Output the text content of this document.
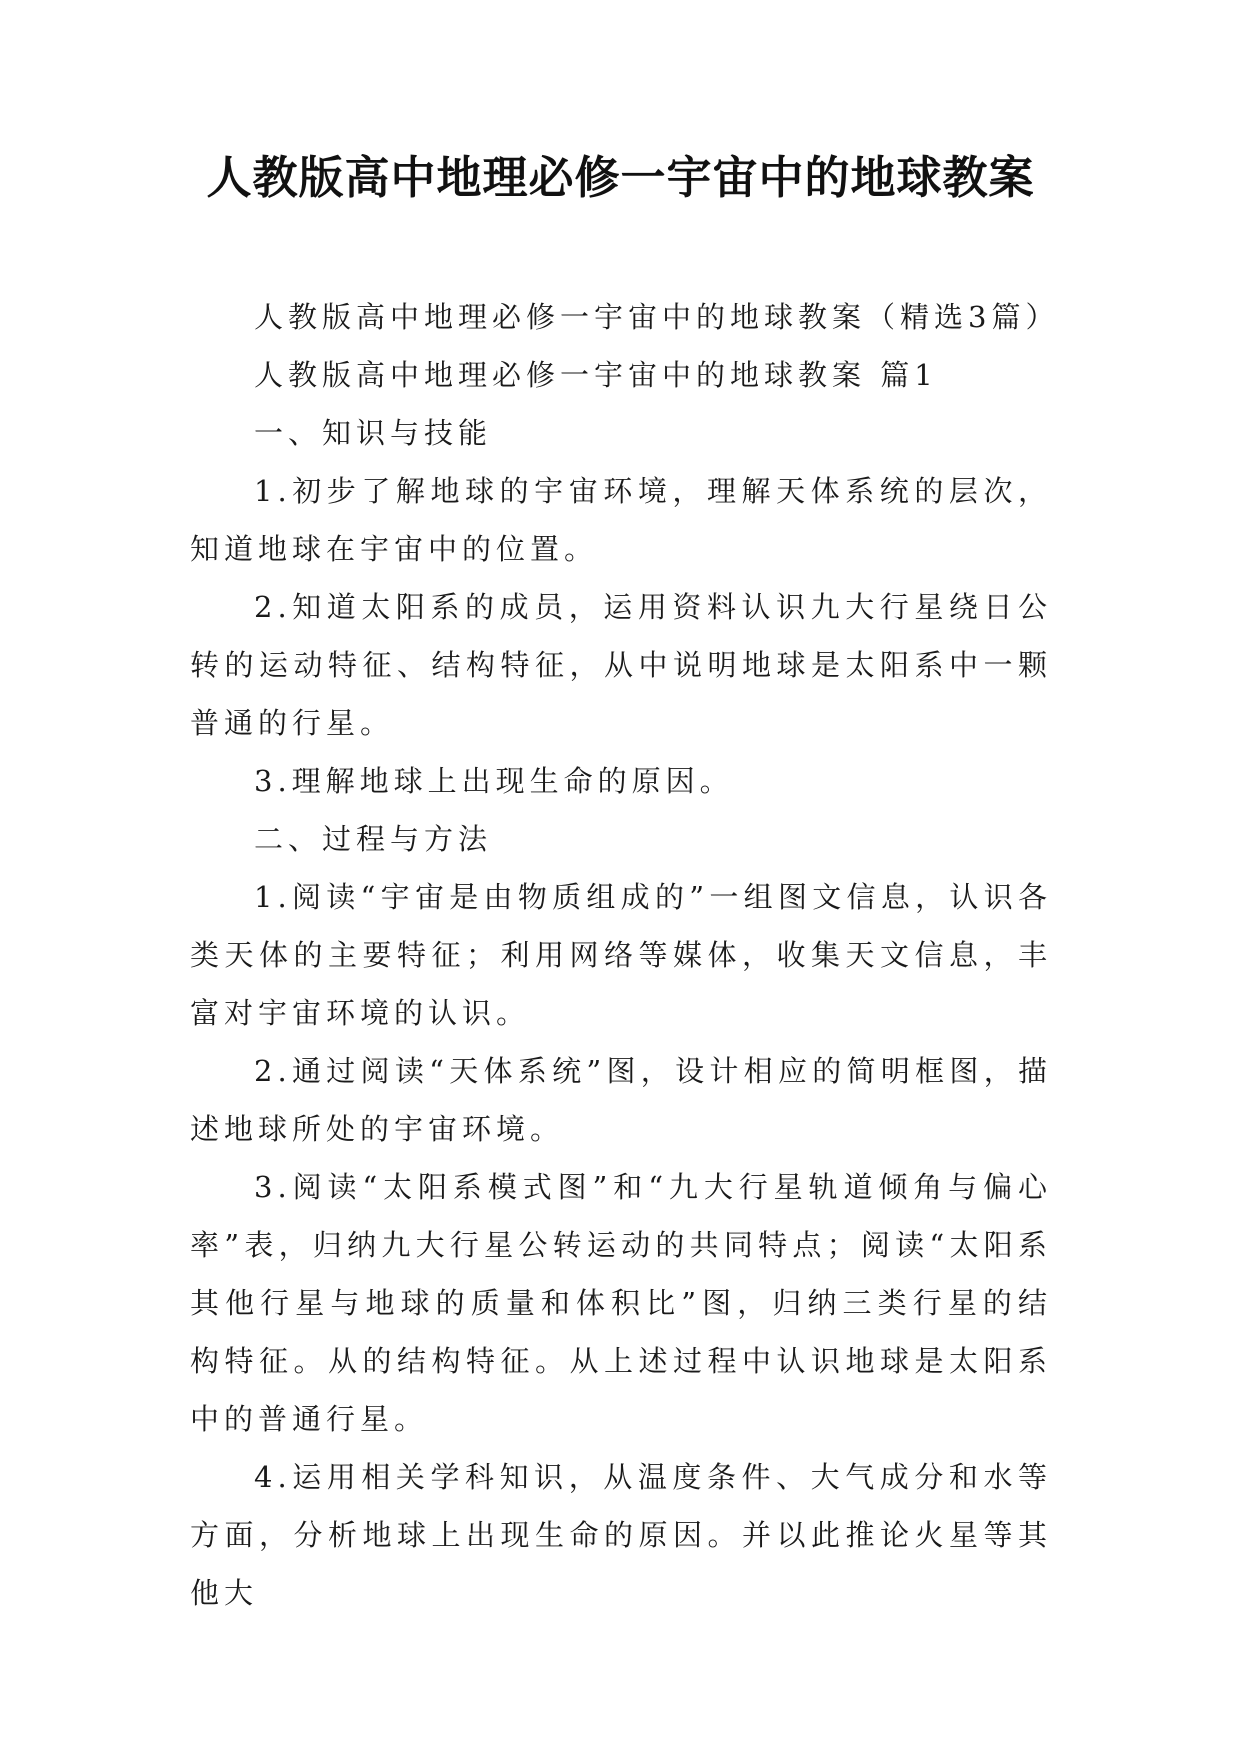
人教版高中地理必修一宇宙中的地球教案

人教版高中地理必修一宇宙中的地球教案（精选3篇）

人教版高中地理必修一宇宙中的地球教案 篇1

一、知识与技能

1.初步了解地球的宇宙环境，理解天体系统的层次，知道地球在宇宙中的位置。

2.知道太阳系的成员，运用资料认识九大行星绕日公转的运动特征、结构特征，从中说明地球是太阳系中一颗普通的行星。

3.理解地球上出现生命的原因。

二、过程与方法

1.阅读“宇宙是由物质组成的”一组图文信息，认识各类天体的主要特征；利用网络等媒体，收集天文信息，丰富对宇宙环境的认识。

2.通过阅读“天体系统”图，设计相应的简明框图，描述地球所处的宇宙环境。

3.阅读“太阳系模式图”和“九大行星轨道倾角与偏心率”表，归纳九大行星公转运动的共同特点；阅读“太阳系其他行星与地球的质量和体积比”图，归纳三类行星的结构特征。从的结构特征。从上述过程中认识地球是太阳系中的普通行星。

4.运用相关学科知识，从温度条件、大气成分和水等方面，分析地球上出现生命的原因。并以此推论火星等其他大
